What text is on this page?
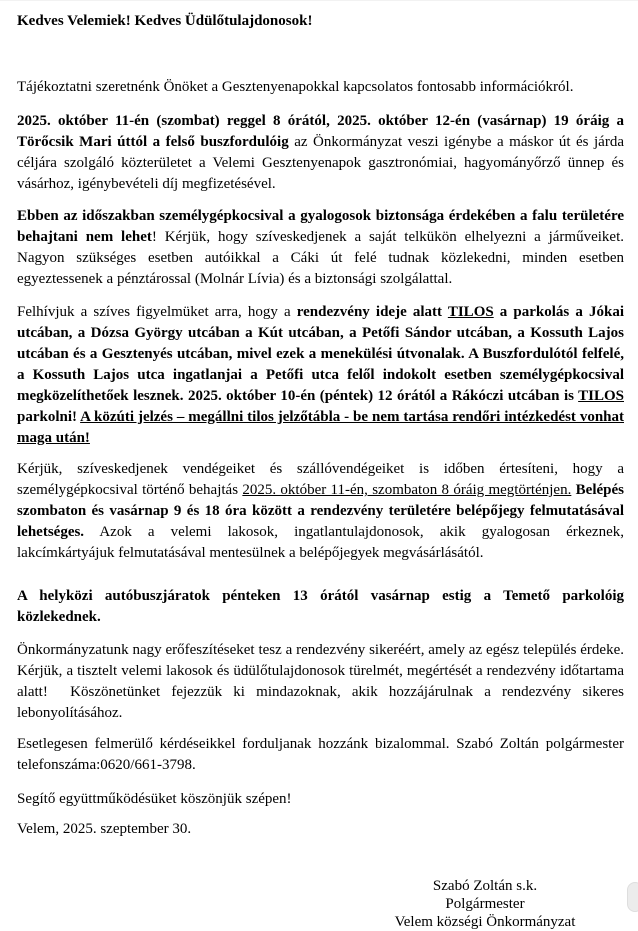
Kedves Velemiek! Kedves Üdülőtulajdonosok!

Tájékoztatni szeretnénk Önöket a Gesztenyenapokkal kapcsolatos fontosabb információkról.

2025. október 11-én (szombat) reggel 8 órától, 2025. október 12-én (vasárnap) 19 óráig a Törőcsik Mari úttól a felső buszfordulóig az Önkormányzat veszi igénybe a máskor út és járda céljára szolgáló közterületet a Velemi Gesztenyenapok gasztronómiai, hagyományőrző ünnep és vásárhoz, igénybevételi díj megfizetésével.

Ebben az időszakban személygépkocsival a gyalogosok biztonsága érdekében a falu területére behajtani nem lehet! Kérjük, hogy szíveskedjenek a saját telkükön elhelyezni a járműveiket. Nagyon szükséges esetben autóikkal a Cáki út felé tudnak közlekedni, minden esetben egyeztessenek a pénztárossal (Molnár Lívia) és a biztonsági szolgálattal.

Felhívjuk a szíves figyelmüket arra, hogy a rendezvény ideje alatt TILOS a parkolás a Jókai utcában, a Dózsa György utcában a Kút utcában, a Petőfi Sándor utcában, a Kossuth Lajos utcában és a Gesztenyés utcában, mivel ezek a menekülési útvonalak. A Buszfordulótól felfelé, a Kossuth Lajos utca ingatlanjai a Petőfi utca felől indokolt esetben személygépkocsival megközelíthetőek lesznek. 2025. október 10-én (péntek) 12 órától a Rákóczi utcában is TILOS parkolni! A közúti jelzés – megállni tilos jelzőtábla - be nem tartása rendőri intézkedést vonhat maga után!

Kérjük, szíveskedjenek vendégeiket és szállóvendégeiket is időben értesíteni, hogy a személygépkocsival történő behajtás 2025. október 11-én, szombaton 8 óráig megtörténjen. Belépés szombaton és vasárnap 9 és 18 óra között a rendezvény területére belépőjegy felmutatásával lehetséges. Azok a velemi lakosok, ingatlantulajdonosok, akik gyalogosan érkeznek, lakcímkártyájuk felmutatásával mentesülnek a belépőjegyek megvásárlásától.

A helyközi autóbuszjáratok pénteken 13 órától vasárnap estig a Temető parkolóig közlekednek.

Önkormányzatunk nagy erőfeszítéseket tesz a rendezvény sikeréért, amely az egész település érdeke. Kérjük, a tisztelt velemi lakosok és üdülőtulajdonosok türelmét, megértését a rendezvény időtartama alatt!  Köszönetünket fejezzük ki mindazoknak, akik hozzájárulnak a rendezvény sikeres lebonyolításához.

Esetlegesen felmerülő kérdéseikkel forduljanak hozzánk bizalommal. Szabó Zoltán polgármester telefonszáma:0620/661-3798.

Segítő együttműködésüket köszönjük szépen!

Velem, 2025. szeptember 30.

Szabó Zoltán s.k.
Polgármester
Velem községi Önkormányzat
